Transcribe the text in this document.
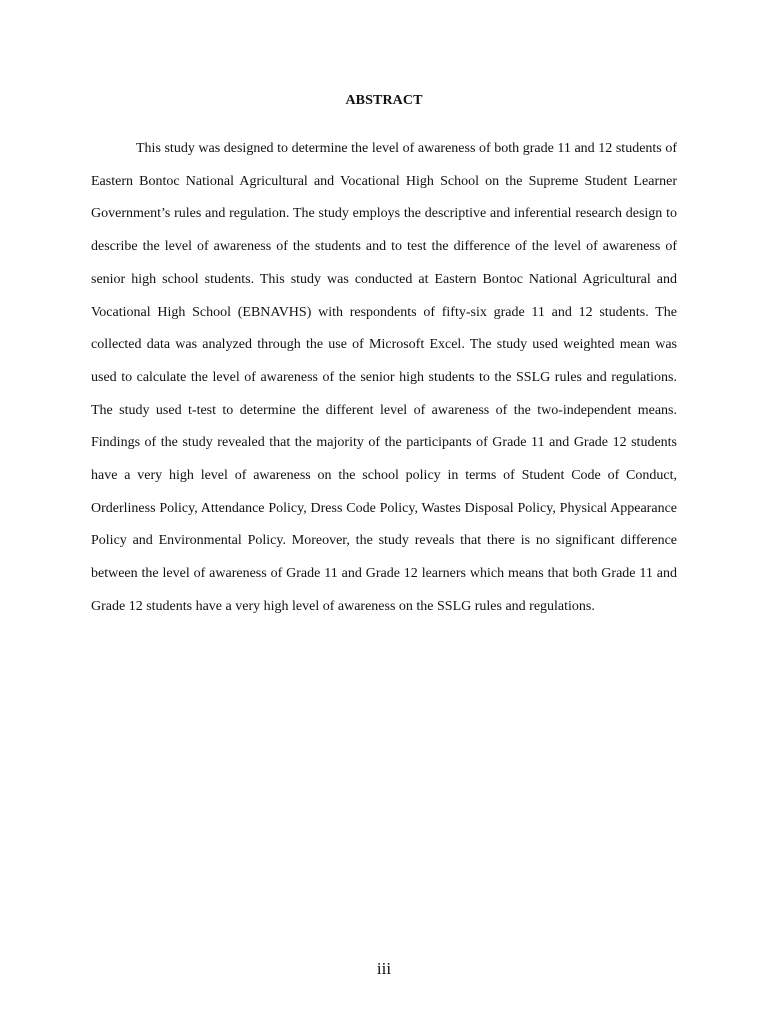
ABSTRACT

This study was designed to determine the level of awareness of both grade 11 and 12 students of Eastern Bontoc National Agricultural and Vocational High School on the Supreme Student Learner Government’s rules and regulation. The study employs the descriptive and inferential research design to describe the level of awareness of the students and to test the difference of the level of awareness of senior high school students. This study was conducted at Eastern Bontoc National Agricultural and Vocational High School (EBNAVHS) with respondents of fifty-six grade 11 and 12 students. The collected data was analyzed through the use of Microsoft Excel. The study used weighted mean was used to calculate the level of awareness of the senior high students to the SSLG rules and regulations. The study used t-test to determine the different level of awareness of the two-independent means. Findings of the study revealed that the majority of the participants of Grade 11 and Grade 12 students have a very high level of awareness on the school policy in terms of Student Code of Conduct, Orderliness Policy, Attendance Policy, Dress Code Policy, Wastes Disposal Policy, Physical Appearance Policy and Environmental Policy. Moreover, the study reveals that there is no significant difference between the level of awareness of Grade 11 and Grade 12 learners which means that both Grade 11 and Grade 12 students have a very high level of awareness on the SSLG rules and regulations.

iii
